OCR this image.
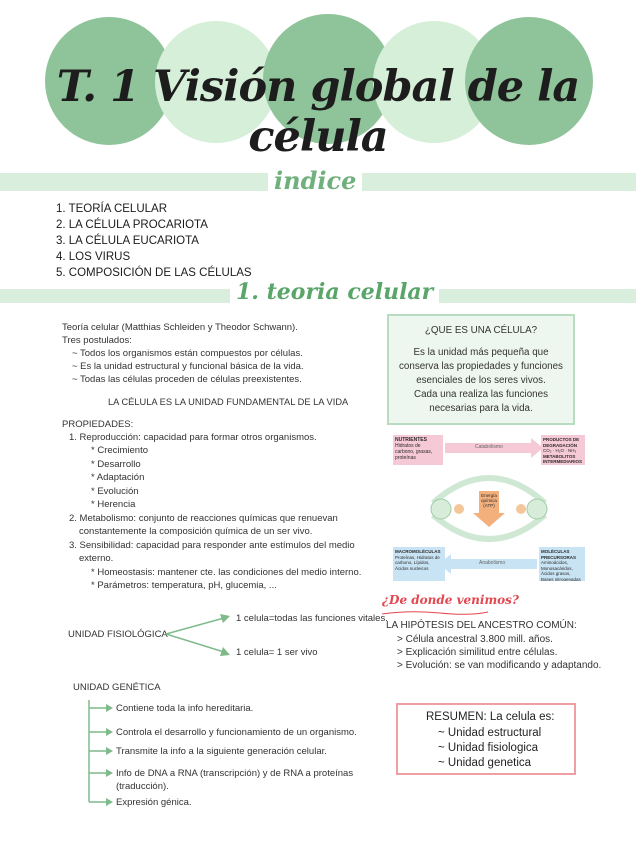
T. 1 Visión global de la célula
indice
1. TEORÍA CELULAR
2. LA CÉLULA PROCARIOTA
3. LA CÉLULA EUCARIOTA
4. LOS VIRUS
5. COMPOSICIÓN DE LAS CÉLULAS
1. teoria celular
Teoría celular (Matthias Schleiden y Theodor Schwann).
Tres postulados:
~ Todos los organismos están compuestos por células.
~ Es la unidad estructural y funcional básica de la vida.
~ Todas las células proceden de células preexistentes.
LA CÉLULA ES LA UNIDAD FUNDAMENTAL DE LA VIDA
PROPIEDADES:
1. Reproducción: capacidad para formar otros organismos.
* Crecimiento
* Desarrollo
* Adaptación
* Evolución
* Herencia
2. Metabolismo: conjunto de reacciones químicas que renuevan
constantemente la composición química de un ser vivo.
3. Sensibilidad: capacidad para responder ante estímulos del medio
externo.
* Homeostasis: mantener cte. las condiciones del medio interno.
* Parámetros: temperatura, pH, glucemia, ...
UNIDAD FISIOLÓGICA
1 celula=todas las funciones vitales.
1 celula= 1 ser vivo
UNIDAD GENÉTICA
Contiene toda la info hereditaria.
Controla el desarrollo y funcionamiento de un organismo.
Transmite la info a la siguiente generación celular.
Info de DNA a RNA (transcripción) y de RNA a proteínas
(traducción).
Expresión génica.
¿QUE ES UNA CÉLULA?
Es la unidad más pequeña que
conserva las propiedades y funciones
esenciales de los seres vivos.
Cada una realiza las funciones
necesarias para la vida.
NUTRIENTES
Hidratos de carbono, grasas, proteínas
Catabolismo
PRODUCTOS DE DEGRADACIÓN
CO₂ · H₂O · NH₃
METABOLITOS INTERMEDIARIOS
Energía química (ATP)
MACROMOLÉCULAS
Proteínas, Hidratos de carbono, Lípidos, Ácidos nucleicos
Anabolismo
MOLÉCULAS PRECURSORAS
Aminoácidos, Monosacáridos, Ácidos grasos, Bases nitrogenadas
¿De donde venimos?
LA HIPÓTESIS DEL ANCESTRO COMÚN:
> Célula ancestral 3.800 mill. años.
> Explicación similitud entre células.
> Evolución: se van modificando y adaptando.
RESUMEN: La celula es:
~ Unidad estructural
~ Unidad fisiologica
~ Unidad genetica
